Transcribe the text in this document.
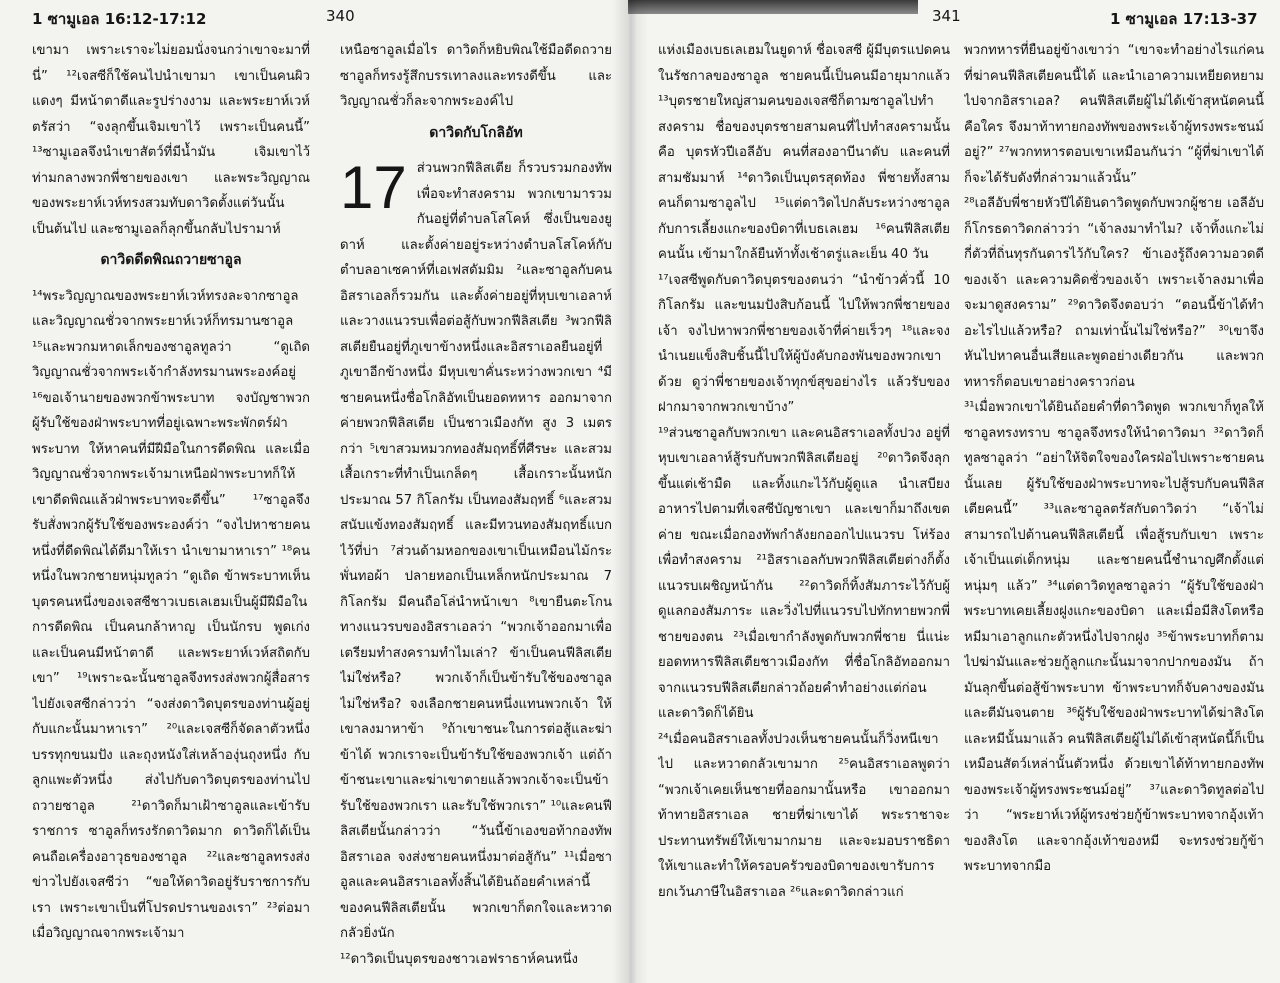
1 ซามูเอล 16:12-17:12	340

เขามา เพราะเราจะไม่ยอมนั่งจนกว่าเขาจะมาที่นี่” ¹²เจสซีก็ใช้คนไปนำเขามา เขาเป็นคนผิวแดงๆ มีหน้าตาดีและรูปร่างงาม และพระยาห์เวห์ตรัสว่า “จงลุกขึ้นเจิมเขาไว้ เพราะเป็นคนนี้” ¹³ซามูเอลจึงนำเขาสัตว์ที่มีน้ำมัน เจิมเขาไว้ท่ามกลางพวกพี่ชายของเขา และพระวิญญาณของพระยาห์เวห์ทรงสวมทับดาวิดตั้งแต่วันนั้นเป็นต้นไป และซามูเอลก็ลุกขึ้นกลับไปรามาห์

ดาวิดดีดพิณถวายซาอูล

¹⁴พระวิญญาณของพระยาห์เวห์ทรงละจากซาอูล และวิญญาณชั่วจากพระยาห์เวห์ก็ทรมานซาอูล ¹⁵และพวกมหาดเล็กของซาอูลทูลว่า “ดูเถิด วิญญาณชั่วจากพระเจ้ากำลังทรมานพระองค์อยู่ ¹⁶ขอเจ้านายของพวกข้าพระบาท จงบัญชาพวกผู้รับใช้ของฝ่าพระบาทที่อยู่เฉพาะพระพักตร์ฝ่าพระบาท ให้หาคนที่มีฝีมือในการดีดพิณ และเมื่อวิญญาณชั่วจากพระเจ้ามาเหนือฝ่าพระบาทก็ให้เขาดีดพิณแล้วฝ่าพระบาทจะดีขึ้น” ¹⁷ซาอูลจึงรับสั่งพวกผู้รับใช้ของพระองค์ว่า “จงไปหาชายคนหนึ่งที่ดีดพิณได้ดีมาให้เรา นำเขามาหาเรา” ¹⁸คนหนึ่งในพวกชายหนุ่มทูลว่า “ดูเถิด ข้าพระบาทเห็นบุตรคนหนึ่งของเจสซีชาวเบธเลเฮมเป็นผู้มีฝีมือในการดีดพิณ เป็นคนกล้าหาญ เป็นนักรบ พูดเก่ง และเป็นคนมีหน้าตาดี และพระยาห์เวห์สถิตกับเขา” ¹⁹เพราะฉะนั้นซาอูลจึงทรงส่งพวกผู้สื่อสารไปยังเจสซีกล่าวว่า “จงส่งดาวิดบุตรของท่านผู้อยู่กับแกะนั้นมาหาเรา” ²⁰และเจสซีก็จัดลาตัวหนึ่งบรรทุกขนมปัง และถุงหนังใส่เหล้าองุ่นถุงหนึ่ง กับลูกแพะตัวหนึ่ง ส่งไปกับดาวิดบุตรของท่านไปถวายซาอูล ²¹ดาวิดก็มาเฝ้าซาอูลและเข้ารับราชการ ซาอูลก็ทรงรักดาวิดมาก ดาวิดก็ได้เป็นคนถือเครื่องอาวุธของซาอูล ²²และซาอูลทรงส่งข่าวไปยังเจสซีว่า “ขอให้ดาวิดอยู่รับราชการกับเรา เพราะเขาเป็นที่โปรดปรานของเรา” ²³ต่อมาเมื่อวิญญาณจากพระเจ้ามา

เหนือซาอูลเมื่อไร ดาวิดก็หยิบพิณใช้มือดีดถวาย ซาอูลก็ทรงรู้สึกบรรเทาลงและทรงดีขึ้น และวิญญาณชั่วก็ละจากพระองค์ไป

ดาวิดกับโกลิอัท

17 ส่วนพวกฟีลิสเตีย ก็รวบรวมกองทัพเพื่อจะทำสงคราม พวกเขามารวมกันอยู่ที่ตำบลโสโคห์ ซึ่งเป็นของยูดาห์ และตั้งค่ายอยู่ระหว่างตำบลโสโคห์กับตำบลอาเซคาห์ที่เอเฟสดัมมิม ²และซาอูลกับคนอิสราเอลก็รวมกัน และตั้งค่ายอยู่ที่หุบเขาเอลาห์ และวางแนวรบเพื่อต่อสู้กับพวกฟีลิสเตีย ³พวกฟีลิสเตียยืนอยู่ที่ภูเขาข้างหนึ่งและอิสราเอลยืนอยู่ที่ภูเขาอีกข้างหนึ่ง มีหุบเขาคั่นระหว่างพวกเขา ⁴มีชายคนหนึ่งชื่อโกลิอัทเป็นยอดทหาร ออกมาจากค่ายพวกฟีลิสเตีย เป็นชาวเมืองกัท สูง 3 เมตรกว่า ⁵เขาสวมหมวกทองสัมฤทธิ์ที่ศีรษะ และสวมเสื้อเกราะที่ทำเป็นเกล็ดๆ เสื้อเกราะนั้นหนักประมาณ 57 กิโลกรัม เป็นทองสัมฤทธิ์ ⁶และสวมสนับแข้งทองสัมฤทธิ์ และมีทวนทองสัมฤทธิ์แบกไว้ที่บ่า ⁷ส่วนด้ามหอกของเขาเป็นเหมือนไม้กระพั่นทอผ้า ปลายหอกเป็นเหล็กหนักประมาณ 7 กิโลกรัม มีคนถือโล่นำหน้าเขา ⁸เขายืนตะโกนทางแนวรบของอิสราเอลว่า “พวกเจ้าออกมาเพื่อเตรียมทำสงครามทำไมเล่า? ข้าเป็นคนฟีลิสเตียไม่ใช่หรือ? พวกเจ้าก็เป็นข้ารับใช้ของซาอูลไม่ใช่หรือ? จงเลือกชายคนหนึ่งแทนพวกเจ้า ให้เขาลงมาหาข้า ⁹ถ้าเขาชนะในการต่อสู้และฆ่าข้าได้ พวกเราจะเป็นข้ารับใช้ของพวกเจ้า แต่ถ้าข้าชนะเขาและฆ่าเขาตายแล้วพวกเจ้าจะเป็นข้ารับใช้ของพวกเรา และรับใช้พวกเรา” ¹⁰และคนฟีลิสเตียนั้นกล่าวว่า “วันนี้ข้าเองขอท้ากองทัพอิสราเอล จงส่งชายคนหนึ่งมาต่อสู้กัน” ¹¹เมื่อซาอูลและคนอิสราเอลทั้งสิ้นได้ยินถ้อยคำเหล่านี้ของคนฟีลิสเตียนั้น พวกเขาก็ตกใจและหวาดกลัวยิ่งนัก

¹²ดาวิดเป็นบุตรของชาวเอฟราธาห์คนหนึ่ง

341	1 ซามูเอล 17:13-37

แห่งเมืองเบธเลเฮมในยูดาห์ ชื่อเจสซี ผู้มีบุตรแปดคน ในรัชกาลของซาอูล ชายคนนี้เป็นคนมีอายุมากแล้ว ¹³บุตรชายใหญ่สามคนของเจสซีก็ตามซาอูลไปทำสงคราม ชื่อของบุตรชายสามคนที่ไปทำสงครามนั้นคือ บุตรหัวปีเอลีอับ คนที่สองอาบีนาดับ และคนที่สามชัมมาห์ ¹⁴ดาวิดเป็นบุตรสุดท้อง พี่ชายทั้งสามคนก็ตามซาอูลไป ¹⁵แต่ดาวิดไปกลับระหว่างซาอูลกับการเลี้ยงแกะของบิดาที่เบธเลเฮม ¹⁶คนฟีลิสเตียคนนั้น เข้ามาใกล้ยืนท้าทั้งเช้าตรู่และเย็น 40 วัน

¹⁷เจสซีพูดกับดาวิดบุตรของตนว่า “นำข้าวคั่วนี้ 10 กิโลกรัม และขนมปังสิบก้อนนี้ ไปให้พวกพี่ชายของเจ้า จงไปหาพวกพี่ชายของเจ้าที่ค่ายเร็วๆ ¹⁸และจงนำเนยแข็งสิบชิ้นนี้ไปให้ผู้บังคับกองพันของพวกเขาด้วย ดูว่าพี่ชายของเจ้าทุกข์สุขอย่างไร แล้วรับของฝากมาจากพวกเขาบ้าง”

¹⁹ส่วนซาอูลกับพวกเขา และคนอิสราเอลทั้งปวง อยู่ที่หุบเขาเอลาห์สู้รบกับพวกฟีลิสเตียอยู่ ²⁰ดาวิดจึงลุกขึ้นแต่เช้ามืด และทิ้งแกะไว้กับผู้ดูแล นำเสบียงอาหารไปตามที่เจสซีบัญชาเขา และเขาก็มาถึงเขตค่าย ขณะเมื่อกองทัพกำลังยกออกไปแนวรบ โห่ร้องเพื่อทำสงคราม ²¹อิสราเอลกับพวกฟีลิสเตียต่างก็ตั้งแนวรบเผชิญหน้ากัน ²²ดาวิดก็ทิ้งสัมภาระไว้กับผู้ดูแลกองสัมภาระ และวิ่งไปที่แนวรบไปทักทายพวกพี่ชายของตน ²³เมื่อเขากำลังพูดกับพวกพี่ชาย นี่แน่ะ ยอดทหารฟีลิสเตียชาวเมืองกัท ที่ชื่อโกลิอัทออกมาจากแนวรบฟีลิสเตียกล่าวถ้อยคำทำอย่างเเต่ก่อนและดาวิดก็ได้ยิน

²⁴เมื่อคนอิสราเอลทั้งปวงเห็นชายคนนั้นก็วิ่งหนีเขาไป และหวาดกลัวเขามาก ²⁵คนอิสราเอลพูดว่า “พวกเจ้าเคยเห็นชายที่ออกมานั้นหรือ เขาออกมาท้าทายอิสราเอล ชายที่ฆ่าเขาได้ พระราชาจะประทานทรัพย์ให้เขามากมาย และจะมอบราชธิดาให้เขาและทำให้ครอบครัวของบิดาของเขารับการยกเว้นภาษีในอิสราเอล ²⁶และดาวิดกล่าวแก่

พวกทหารที่ยืนอยู่ข้างเขาว่า “เขาจะทำอย่างไรแก่คนที่ฆ่าคนฟีลิสเตียคนนี้ได้ และนำเอาความเหยียดหยามไปจากอิสราเอล? คนฟีลิสเตียผู้ไม่ได้เข้าสุหนัตคนนี้คือใคร จึงมาท้าทายกองทัพของพระเจ้าผู้ทรงพระชนม์อยู่?” ²⁷พวกทหารตอบเขาเหมือนกันว่า “ผู้ที่ฆ่าเขาได้ก็จะได้รับดังที่กล่าวมาแล้วนั้น”

²⁸เอลีอับพี่ชายหัวปีได้ยินดาวิดพูดกับพวกผู้ชาย เอลีอับก็โกรธดาวิดกล่าวว่า “เจ้าลงมาทำไม? เจ้าทิ้งแกะไม่กี่ตัวที่ถิ่นทุรกันดารไว้กับใคร? ข้าเองรู้ถึงความอวดดีของเจ้า และความคิดชั่วของเจ้า เพราะเจ้าลงมาเพื่อจะมาดูสงคราม” ²⁹ดาวิดจึงตอบว่า “ตอนนี้ข้าได้ทำอะไรไปแล้วหรือ? ถามเท่านั้นไม่ใช่หรือ?” ³⁰เขาจึงหันไปหาคนอื่นเสียและพูดอย่างเดียวกัน และพวกทหารก็ตอบเขาอย่างคราวก่อน

³¹เมื่อพวกเขาได้ยินถ้อยคำที่ดาวิดพูด พวกเขาก็ทูลให้ซาอูลทรงทราบ ซาอูลจึงทรงให้นำดาวิดมา ³²ดาวิดก็ทูลซาอูลว่า “อย่าให้จิตใจของใครฝ่อไปเพราะชายคนนั้นเลย ผู้รับใช้ของฝ่าพระบาทจะไปสู้รบกับคนฟีลิสเตียคนนี้” ³³และซาอูลตรัสกับดาวิดว่า “เจ้าไม่สามารถไปต้านคนฟีลิสเตียนี้ เพื่อสู้รบกับเขา เพราะเจ้าเป็นแต่เด็กหนุ่ม และชายคนนี้ชำนาญศึกตั้งแต่หนุ่มๆ แล้ว” ³⁴แต่ดาวิดทูลซาอูลว่า “ผู้รับใช้ของฝ่าพระบาทเคยเลี้ยงฝูงแกะของบิดา และเมื่อมีสิงโตหรือหมีมาเอาลูกแกะตัวหนึ่งไปจากฝูง ³⁵ข้าพระบาทก็ตามไปฆ่ามันและช่วยกู้ลูกแกะนั้นมาจากปากของมัน ถ้ามันลุกขึ้นต่อสู้ข้าพระบาท ข้าพระบาทก็จับคางของมัน และตีมันจนตาย ³⁶ผู้รับใช้ของฝ่าพระบาทได้ฆ่าสิงโตและหมีนั้นมาแล้ว คนฟีลิสเตียผู้ไม่ได้เข้าสุหนัตนี้ก็เป็นเหมือนสัตว์เหล่านั้นตัวหนึ่ง ด้วยเขาได้ท้าทายกองทัพของพระเจ้าผู้ทรงพระชนม์อยู่” ³⁷และดาวิดทูลต่อไปว่า “พระยาห์เวห์ผู้ทรงช่วยกู้ข้าพระบาทจากอุ้งเท้าของสิงโต และจากอุ้งเท้าของหมี จะทรงช่วยกู้ข้าพระบาทจากมือ
